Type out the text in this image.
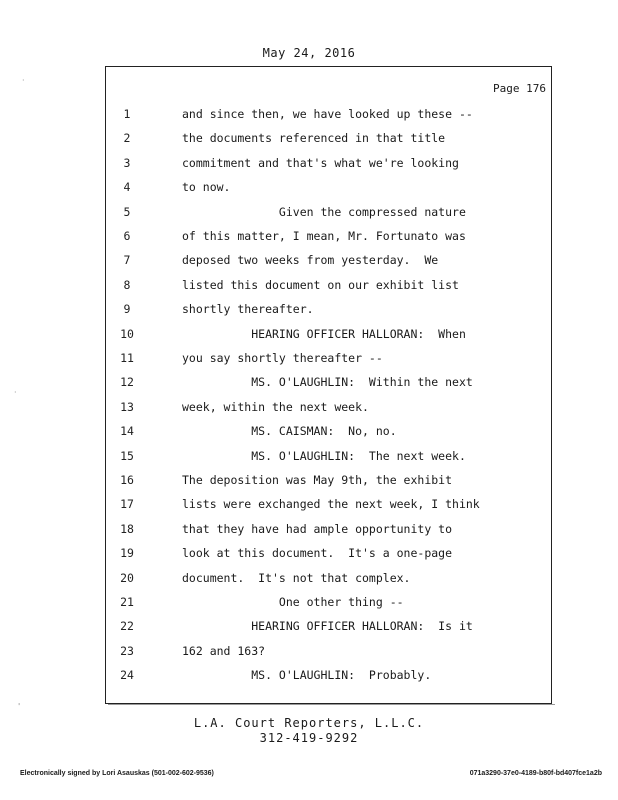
May 24, 2016
Page 176
1	and since then, we have looked up these --
2	the documents referenced in that title
3	commitment and that's what we're looking
4	to now.
5	Given the compressed nature
6	of this matter, I mean, Mr. Fortunato was
7	deposed two weeks from yesterday.  We
8	listed this document on our exhibit list
9	shortly thereafter.
10	HEARING OFFICER HALLORAN:  When
11	you say shortly thereafter --
12	MS. O'LAUGHLIN:  Within the next
13	week, within the next week.
14	MS. CAISMAN:  No, no.
15	MS. O'LAUGHLIN:  The next week.
16	The deposition was May 9th, the exhibit
17	lists were exchanged the next week, I think
18	that they have had ample opportunity to
19	look at this document.  It's a one-page
20	document.  It's not that complex.
21	One other thing --
22	HEARING OFFICER HALLORAN:  Is it
23	162 and 163?
24	MS. O'LAUGHLIN:  Probably.
L.A. Court Reporters, L.L.C.
312-419-9292
Electronically signed by Lori Asauskas (501-002-602-9536)	071a3290-37e0-4189-b80f-bd407fce1a2b
·
·
'
